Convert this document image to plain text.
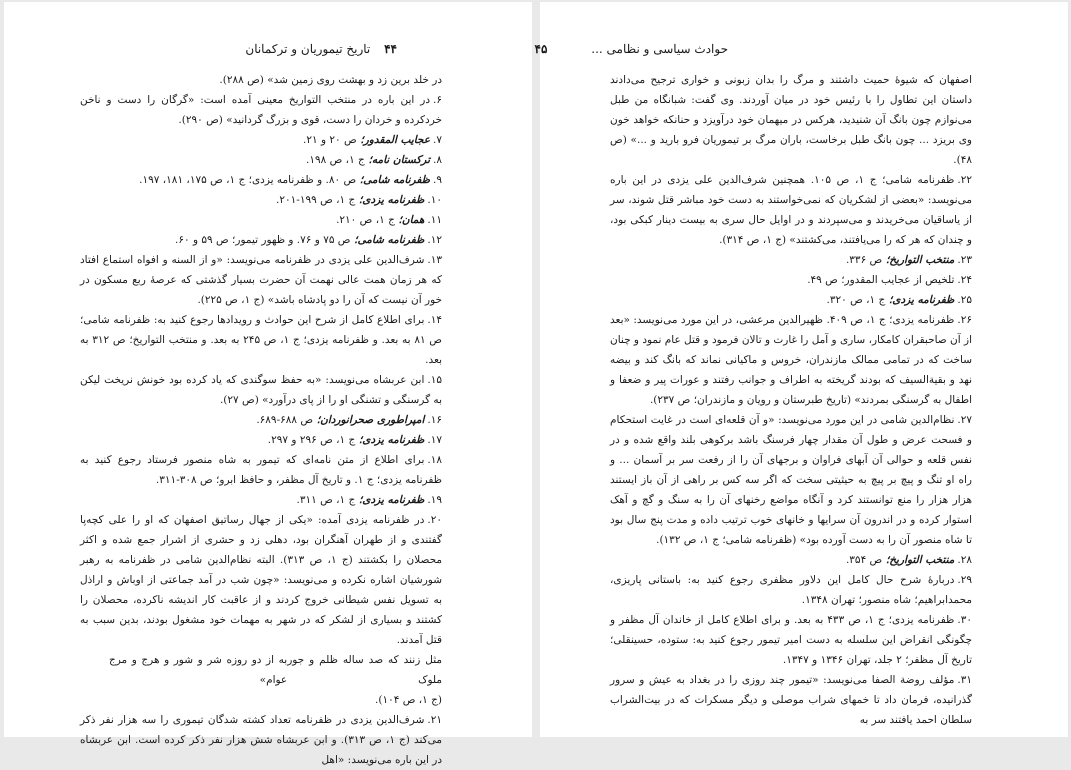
۴۴ تاریخ تیموریان و ترکمانان

در خلد برین زد و بهشت روی زمین شد» (ص ۲۸۸).

۶.در این باره در منتخب التواریخ معینی آمده است: «گرگان را دست و ناخن خردکرده و خردان را دست، قوی و بزرگ گردانید» (ص ۲۹۰).

۷.عجایب المقدور؛ ص ۲۰ و ۲۱.

۸.ترکستان نامه؛ ج ۱، ص ۱۹۸.

۹.ظفرنامه شامی؛ ص ۸۰. و ظفرنامه یزدی؛ ج ۱، ص ۱۷۵، ۱۸۱، ۱۹۷.

۱۰.ظفرنامه یزدی؛ ج ۱، ص ۱۹۹-۲۰۱.

۱۱.همان؛ ج ۱، ص ۲۱۰.

۱۲.ظفرنامه شامی؛ ص ۷۵ و ۷۶. و ظهور تیمور؛ ص ۵۹ و ۶۰.

۱۳.شرف‌الدین علی یزدی در ظفرنامه می‌نویسد: «و از السنه و افواه استماع افتاد که هر زمان همت عالی نهمت آن حضرت بسیار گذشتی که عرصهٔ ربع مسکون در خور آن نیست که آن را دو پادشاه باشد» (ج ۱، ص ۲۲۵).

۱۴.برای اطلاع کامل از شرح این حوادث و رویدادها رجوع کنید به: ظفرنامه شامی؛ ص ۸۱ به بعد. و ظفرنامه یزدی؛ ج ۱، ص ۲۴۵ به بعد. و منتخب التواریخ؛ ص ۳۱۲ به بعد.

۱۵.ابن عربشاه می‌نویسد: «به حفظ سوگندی که یاد کرده بود خونش نریخت لیکن به گرسنگی و تشنگی او را از پای درآورد» (ص ۲۷).

۱۶.امپراطوری صحرانوردان؛ ص ۶۸۸-۶۸۹.

۱۷.ظفرنامه یزدی؛ ج ۱، ص ۲۹۶ و ۲۹۷.

۱۸.برای اطلاع از متن نامه‌ای که تیمور به شاه منصور فرستاد رجوع کنید به ظفرنامه یزدی؛ ج ۱. و تاریخ آل مظفر، و حافظ ابرو؛ ص ۳۰۸-۳۱۱.

۱۹.ظفرنامه یزدی؛ ج ۱، ص ۳۱۱.

۲۰.در ظفرنامه یزدی آمده: «یکی از جهال رساتیق اصفهان که او را علی کچه‌پا گفتندی و از طهران آهنگران بود، دهلی زد و حشری از اشرار جمع شده و اکثر محصلان را بکشتند (ج ۱، ص ۳۱۳). البته نظام‌الدین شامی در ظفرنامه به رهبر شورشیان اشاره نکرده و می‌نویسد: «چون شب در آمد جماعتی از اوباش و اراذل به تسویل نفس شیطانی خروج کردند و از عاقبت کار اندیشه ناکرده، محصلان را کشتند و بسیاری از لشکر که در شهر به مهمات خود مشغول بودند، بدین سبب به قتل آمدند.

مثل زنند که صد ساله ظلم و جور ملوک
به از دو روزه شر و شور و هرج و مرج عوام»

(ج ۱، ص ۱۰۴).

۲۱.شرف‌الدین یزدی در ظفرنامه تعداد کشته شدگان تیموری را سه هزار نفر ذکر می‌کند (ج ۱، ص ۳۱۳). و ابن عربشاه شش هزار نفر ذکر کرده است. ابن عربشاه در این باره می‌نویسد: «اهل

حوادث سیاسی و نظامی ... ۴۵

اصفهان که شیوهٔ حمیت داشتند و مرگ را بدان زبونی و خواری ترجیح می‌دادند داستان این تطاول را با رئیس خود در میان آوردند. وی گفت: شبانگاه من طبل می‌نوازم چون بانگ آن شنیدید، هرکس در میهمان خود درآویزد و حنانکه خواهد خون وی بریزد ... چون بانگ طبل برخاست، باران مرگ بر تیموریان فرو بارید و ...» (ص ۴۸).

۲۲.ظفرنامه شامی؛ ج ۱، ص ۱۰۵. همچنین شرف‌الدین علی یزدی در این باره می‌نویسد: «بعضی از لشکریان که نمی‌خواستند به دست خود مباشر قتل شوند، سر از یاساقیان می‌خریدند و می‌سپردند و در اوایل حال سری به بیست دینار کبکی بود، و چندان که هر که را می‌یافتند، می‌کشتند» (ج ۱، ص ۳۱۴).

۲۳.منتخب التواریخ؛ ص ۳۳۶.

۲۴.تلخیص از عجایب المقدور؛ ص ۴۹.

۲۵.ظفرنامه یزدی؛ ج ۱، ص ۳۲۰.

۲۶.ظفرنامه یزدی؛ ج ۱، ص ۴۰۹. ظهیرالدین مرعشی، در این مورد می‌نویسد: «بعد از آن صاحبقران کامکار، ساری و آمل را غارت و تالان فرمود و قتل عام نمود و چنان ساخت که در تمامی ممالک مازندران، خروس و ماکیانی نماند که بانگ کند و بیضه نهد و بقیة‌السیف که بودند گریخته به اطراف و جوانب رفتند و عورات پیر و ضعفا و اطفال به گرسنگی بمردند» (تاریخ طبرستان و رویان و مازندران؛ ص ۲۳۷).

۲۷.نظام‌الدین شامی در این مورد می‌نویسد: «و آن قلعه‌ای است در غایت استحکام و فسحت عرض و طول آن مقدار چهار فرسنگ باشد برکوهی بلند واقع شده و در نفس قلعه و حوالی آن آبهای فراوان و برجهای آن را از رفعت سر بر آسمان ... و راه او تنگ و پیچ بر پیچ به حیثیتی سخت که اگر سه کس بر راهی از آن باز ایستند هزار هزار را منع توانستند کرد و آنگاه مواضع رخنهای آن را به سنگ و گچ و آهک استوار کرده و در اندرون آن سرایها و خانهای خوب ترتیب داده و مدت پنج سال بود تا شاه منصور آن را به دست آورده بود» (ظفرنامه شامی؛ ج ۱، ص ۱۳۲).

۲۸.منتخب التواریخ؛ ص ۳۵۴.

۲۹.دربارهٔ شرح حال کامل این دلاور مظفری رجوع کنید به: باستانی پاریزی، محمدابراهیم؛ شاه منصور؛ تهران ۱۳۴۸.

۳۰.ظفرنامه یزدی؛ ج ۱، ص ۴۳۳ به بعد. و برای اطلاع کامل از خاندان آل مظفر و چگونگی انقراض این سلسله به دست امیر تیمور رجوع کنید به: ستوده، حسینقلی؛ تاریخ آل مظفر؛ ۲ جلد، تهران ۱۳۴۶ و ۱۳۴۷.

۳۱.مؤلف روضة الصفا می‌نویسد: «تیمور چند روزی را در بغداد به عیش و سرور گذرانیده، فرمان داد تا خمهای شراب موصلی و دیگر مسکرات که در بیت‌الشراب سلطان احمد یافتند سر به
